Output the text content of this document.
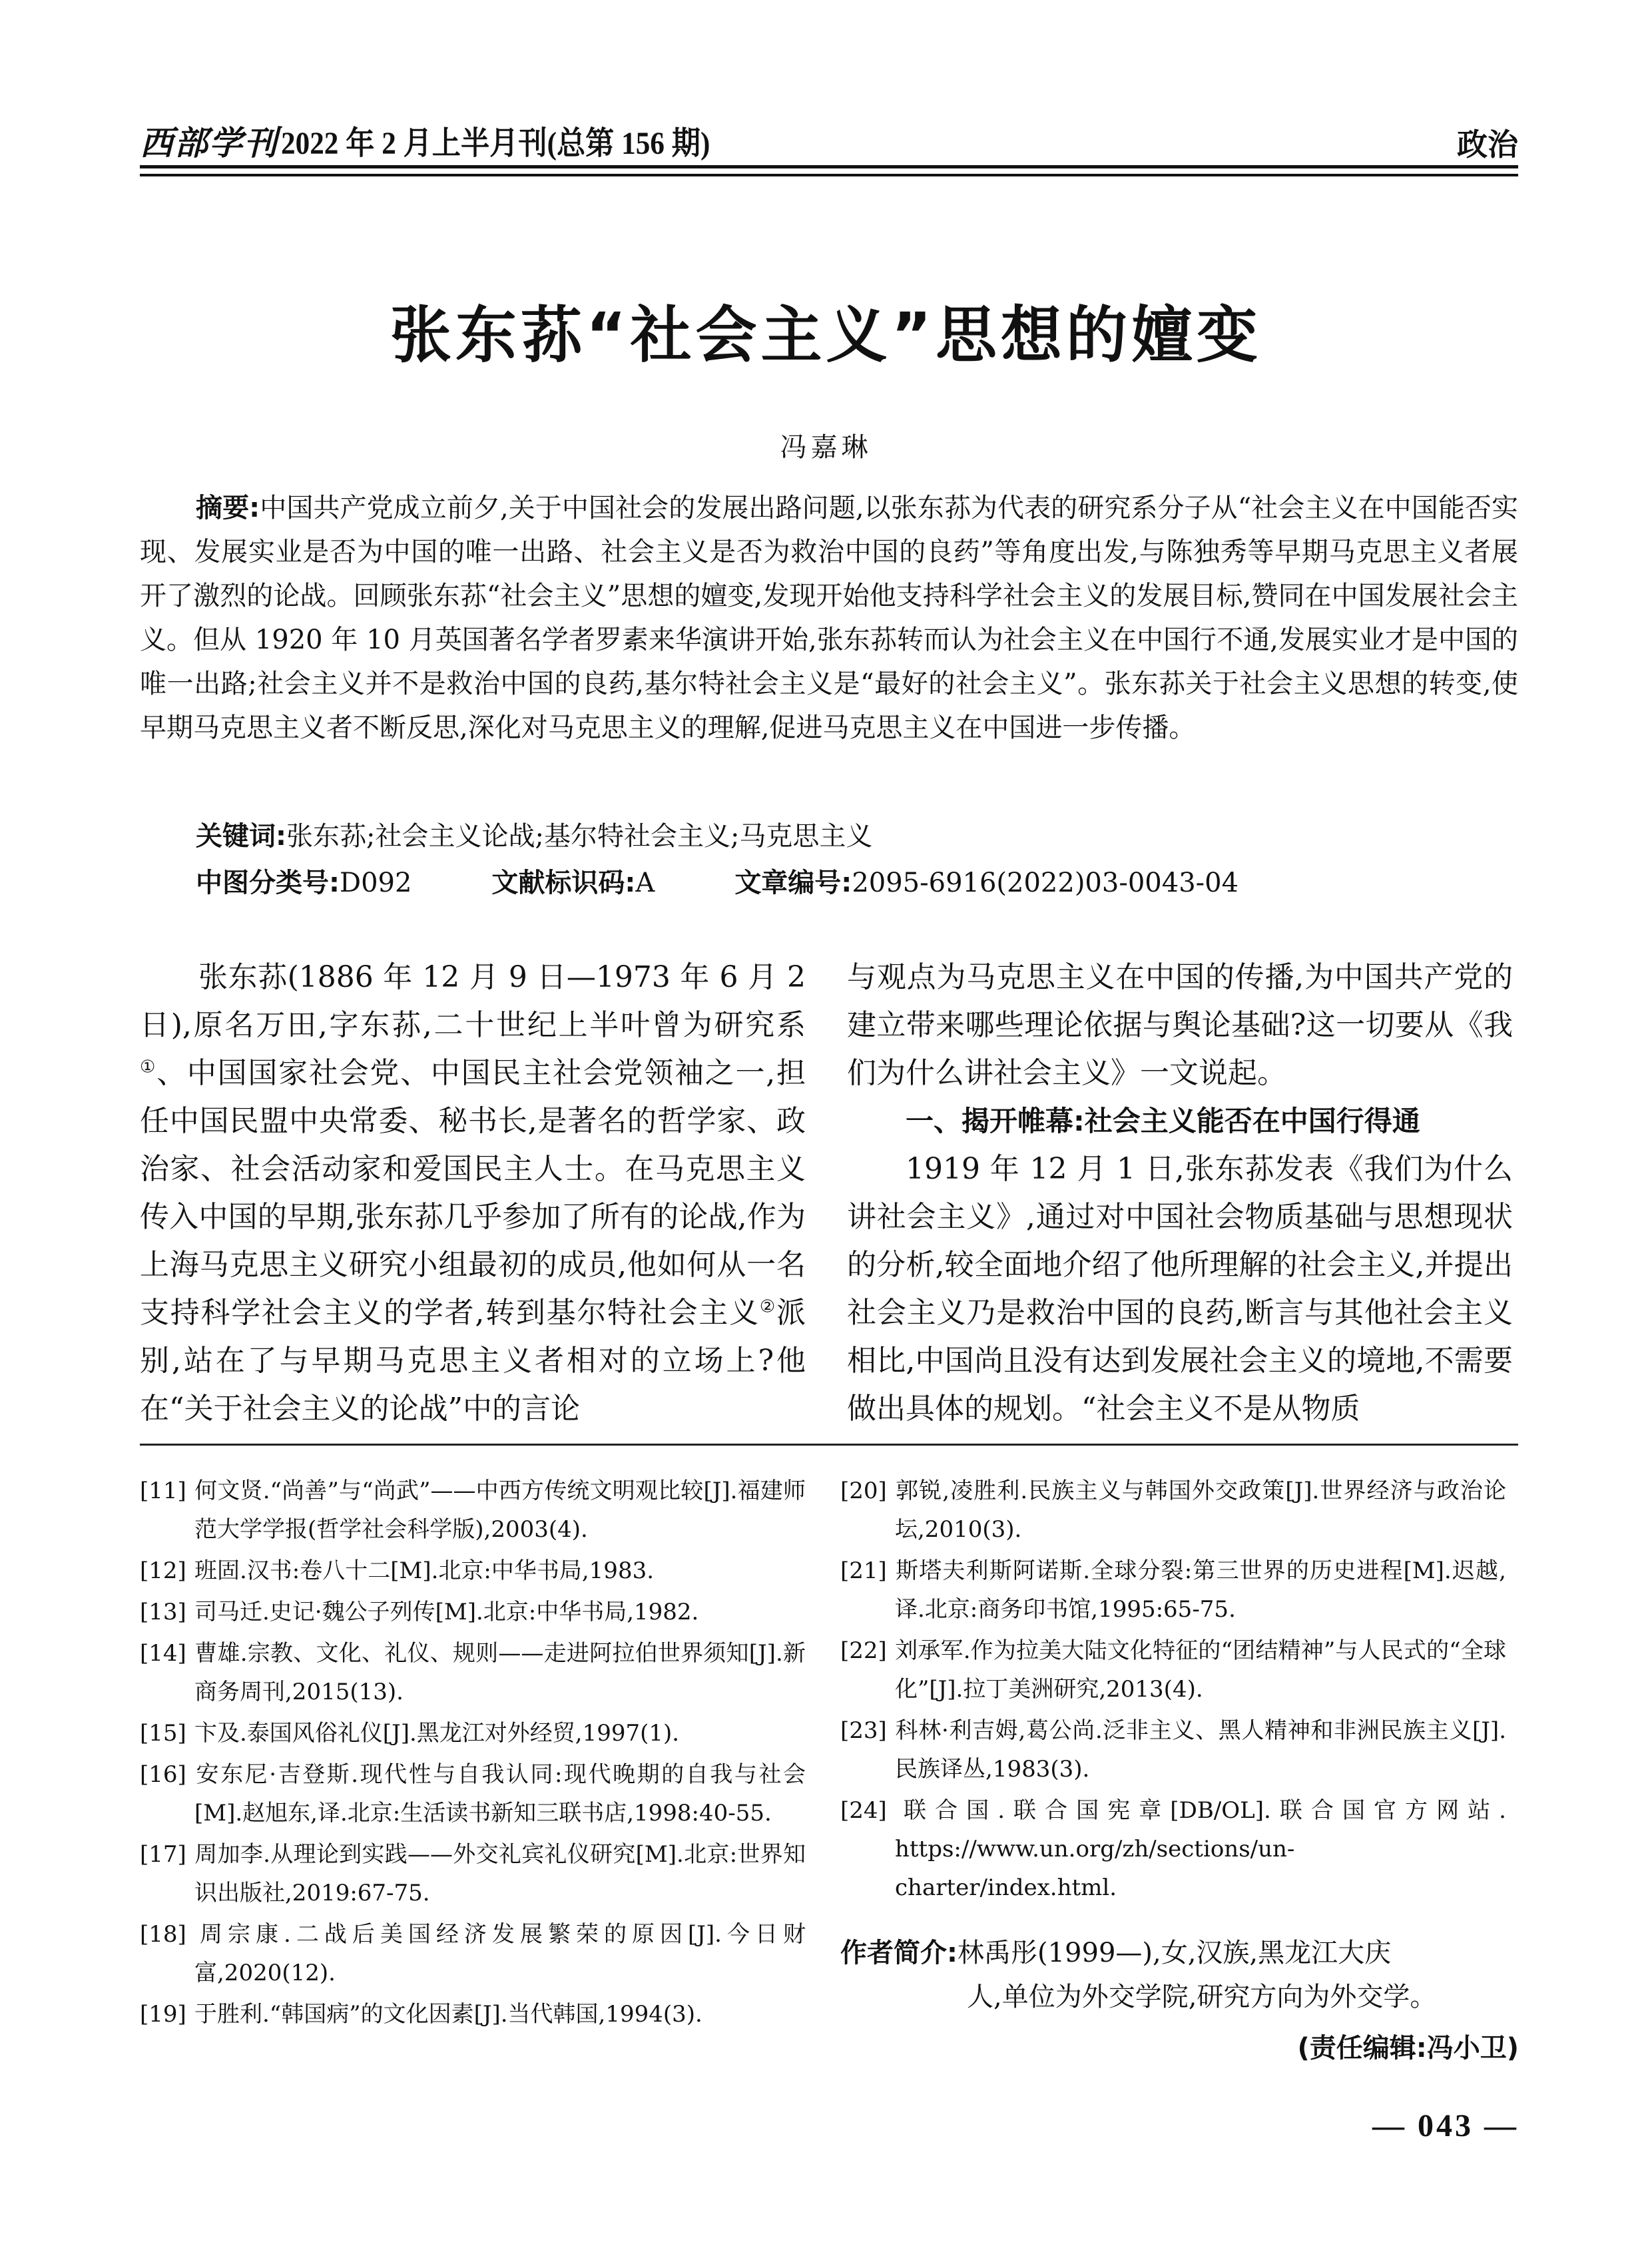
西部学刊 2022 年 2 月上半月刊(总第 156 期)	政治
张东荪“社会主义”思想的嬗变
冯嘉琳
摘要:中国共产党成立前夕,关于中国社会的发展出路问题,以张东荪为代表的研究系分子从“社会主义在中国能否实现、发展实业是否为中国的唯一出路、社会主义是否为救治中国的良药”等角度出发,与陈独秀等早期马克思主义者展开了激烈的论战。回顾张东荪“社会主义”思想的嬗变,发现开始他支持科学社会主义的发展目标,赞同在中国发展社会主义。但从 1920 年 10 月英国著名学者罗素来华演讲开始,张东荪转而认为社会主义在中国行不通,发展实业才是中国的唯一出路;社会主义并不是救治中国的良药,基尔特社会主义是“最好的社会主义”。张东荪关于社会主义思想的转变,使早期马克思主义者不断反思,深化对马克思主义的理解,促进马克思主义在中国进一步传播。
关键词:张东荪;社会主义论战;基尔特社会主义;马克思主义
中图分类号:D092	文献标识码:A	文章编号:2095-6916(2022)03-0043-04

张东荪(1886 年 12 月 9 日—1973 年 6 月 2 日),原名万田,字东荪,二十世纪上半叶曾为研究系①、中国国家社会党、中国民主社会党领袖之一,担任中国民盟中央常委、秘书长,是著名的哲学家、政治家、社会活动家和爱国民主人士。在马克思主义传入中国的早期,张东荪几乎参加了所有的论战,作为上海马克思主义研究小组最初的成员,他如何从一名支持科学社会主义的学者,转到基尔特社会主义②派别,站在了与早期马克思主义者相对的立场上?他在“关于社会主义的论战”中的言论

与观点为马克思主义在中国的传播,为中国共产党的建立带来哪些理论依据与舆论基础?这一切要从《我们为什么讲社会主义》一文说起。

一、揭开帷幕:社会主义能否在中国行得通

1919 年 12 月 1 日,张东荪发表《我们为什么讲社会主义》,通过对中国社会物质基础与思想现状的分析,较全面地介绍了他所理解的社会主义,并提出社会主义乃是救治中国的良药,断言与其他社会主义相比,中国尚且没有达到发展社会主义的境地,不需要做出具体的规划。“社会主义不是从物质

[11] 何文贤.“尚善”与“尚武”——中西方传统文明观比较[J].福建师范大学学报(哲学社会科学版),2003(4).

[12] 班固.汉书:卷八十二[M].北京:中华书局,1983.

[13] 司马迁.史记·魏公子列传[M].北京:中华书局,1982.

[14] 曹雄.宗教、文化、礼仪、规则——走进阿拉伯世界须知[J].新商务周刊,2015(13).

[15] 卞及.泰国风俗礼仪[J].黑龙江对外经贸,1997(1).

[16] 安东尼·吉登斯.现代性与自我认同:现代晚期的自我与社会[M].赵旭东,译.北京:生活读书新知三联书店,1998:40-55.

[17] 周加李.从理论到实践——外交礼宾礼仪研究[M].北京:世界知识出版社,2019:67-75.

[18] 周宗康.二战后美国经济发展繁荣的原因[J].今日财富,2020(12).

[19] 于胜利.“韩国病”的文化因素[J].当代韩国,1994(3).

[20] 郭锐,凌胜利.民族主义与韩国外交政策[J].世界经济与政治论坛,2010(3).

[21] 斯塔夫利斯阿诺斯.全球分裂:第三世界的历史进程[M].迟越,译.北京:商务印书馆,1995:65-75.

[22] 刘承军.作为拉美大陆文化特征的“团结精神”与人民式的“全球化”[J].拉丁美洲研究,2013(4).

[23] 科林·利吉姆,葛公尚.泛非主义、黑人精神和非洲民族主义[J].民族译丛,1983(3).

[24] 联合国.联合国宪章[DB/OL].联合国官方网站. https://www.un.org/zh/sections/un-charter/index.html.

作者简介:林禹彤(1999—),女,汉族,黑龙江大庆
人,单位为外交学院,研究方向为外交学。
(责任编辑:冯小卫)
— 043 —
